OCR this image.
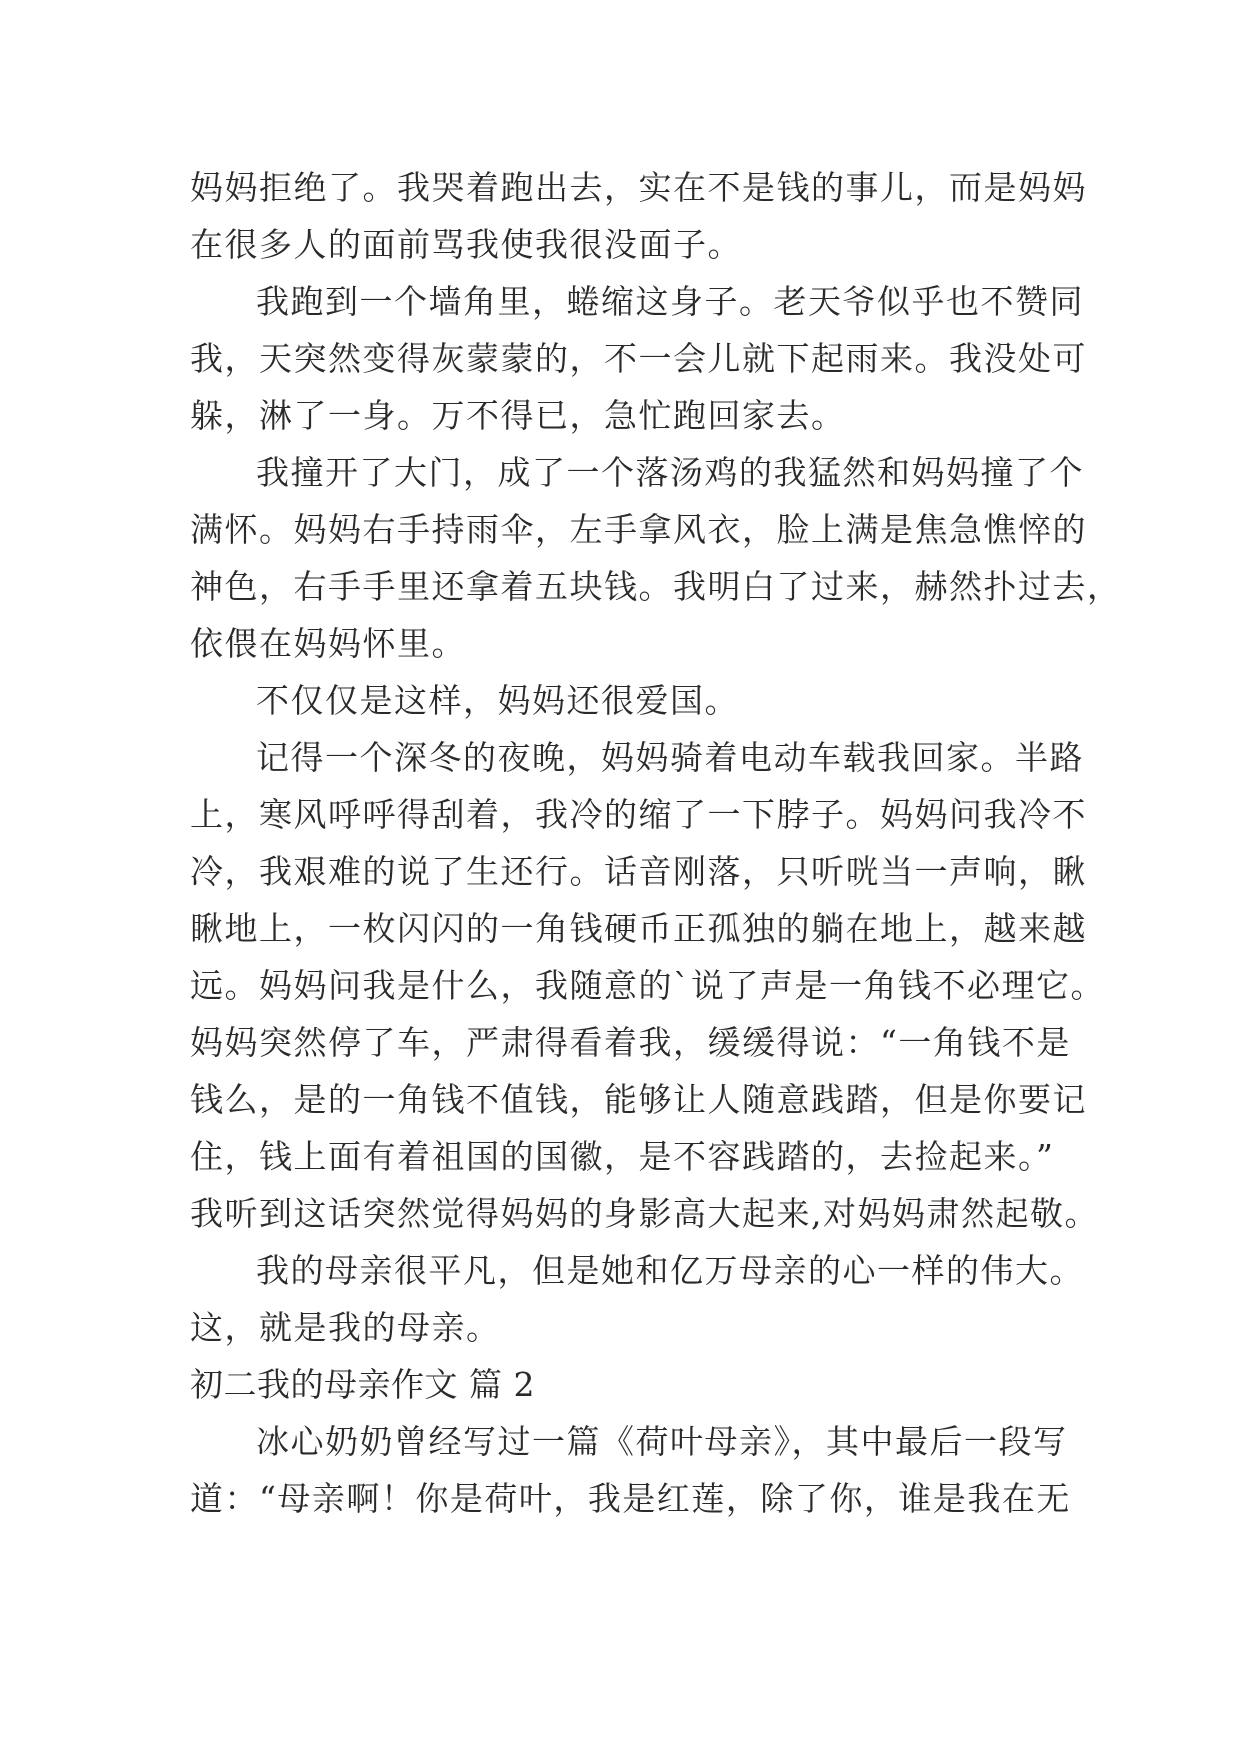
妈妈拒绝了。我哭着跑出去，实在不是钱的事儿，而是妈妈
在很多人的面前骂我使我很没面子。
我跑到一个墙角里，蜷缩这身子。老天爷似乎也不赞同
我，天突然变得灰蒙蒙的，不一会儿就下起雨来。我没处可
躲，淋了一身。万不得已，急忙跑回家去。
我撞开了大门，成了一个落汤鸡的我猛然和妈妈撞了个
满怀。妈妈右手持雨伞，左手拿风衣，脸上满是焦急憔悴的
神色，右手手里还拿着五块钱。我明白了过来，赫然扑过去，
依偎在妈妈怀里。
不仅仅是这样，妈妈还很爱国。
记得一个深冬的夜晚，妈妈骑着电动车载我回家。半路
上，寒风呼呼得刮着，我冷的缩了一下脖子。妈妈问我冷不
冷，我艰难的说了生还行。话音刚落，只听咣当一声响，瞅
瞅地上，一枚闪闪的一角钱硬币正孤独的躺在地上，越来越
远。妈妈问我是什么，我随意的`说了声是一角钱不必理它。
妈妈突然停了车，严肃得看着我，缓缓得说：“一角钱不是
钱么，是的一角钱不值钱，能够让人随意践踏，但是你要记
住，钱上面有着祖国的国徽，是不容践踏的，去捡起来。”
我听到这话突然觉得妈妈的身影高大起来,对妈妈肃然起敬。
我的母亲很平凡，但是她和亿万母亲的心一样的伟大。
这，就是我的母亲。
初二我的母亲作文 篇 2
冰心奶奶曾经写过一篇《荷叶母亲》，其中最后一段写
道：“母亲啊！你是荷叶，我是红莲，除了你，谁是我在无
